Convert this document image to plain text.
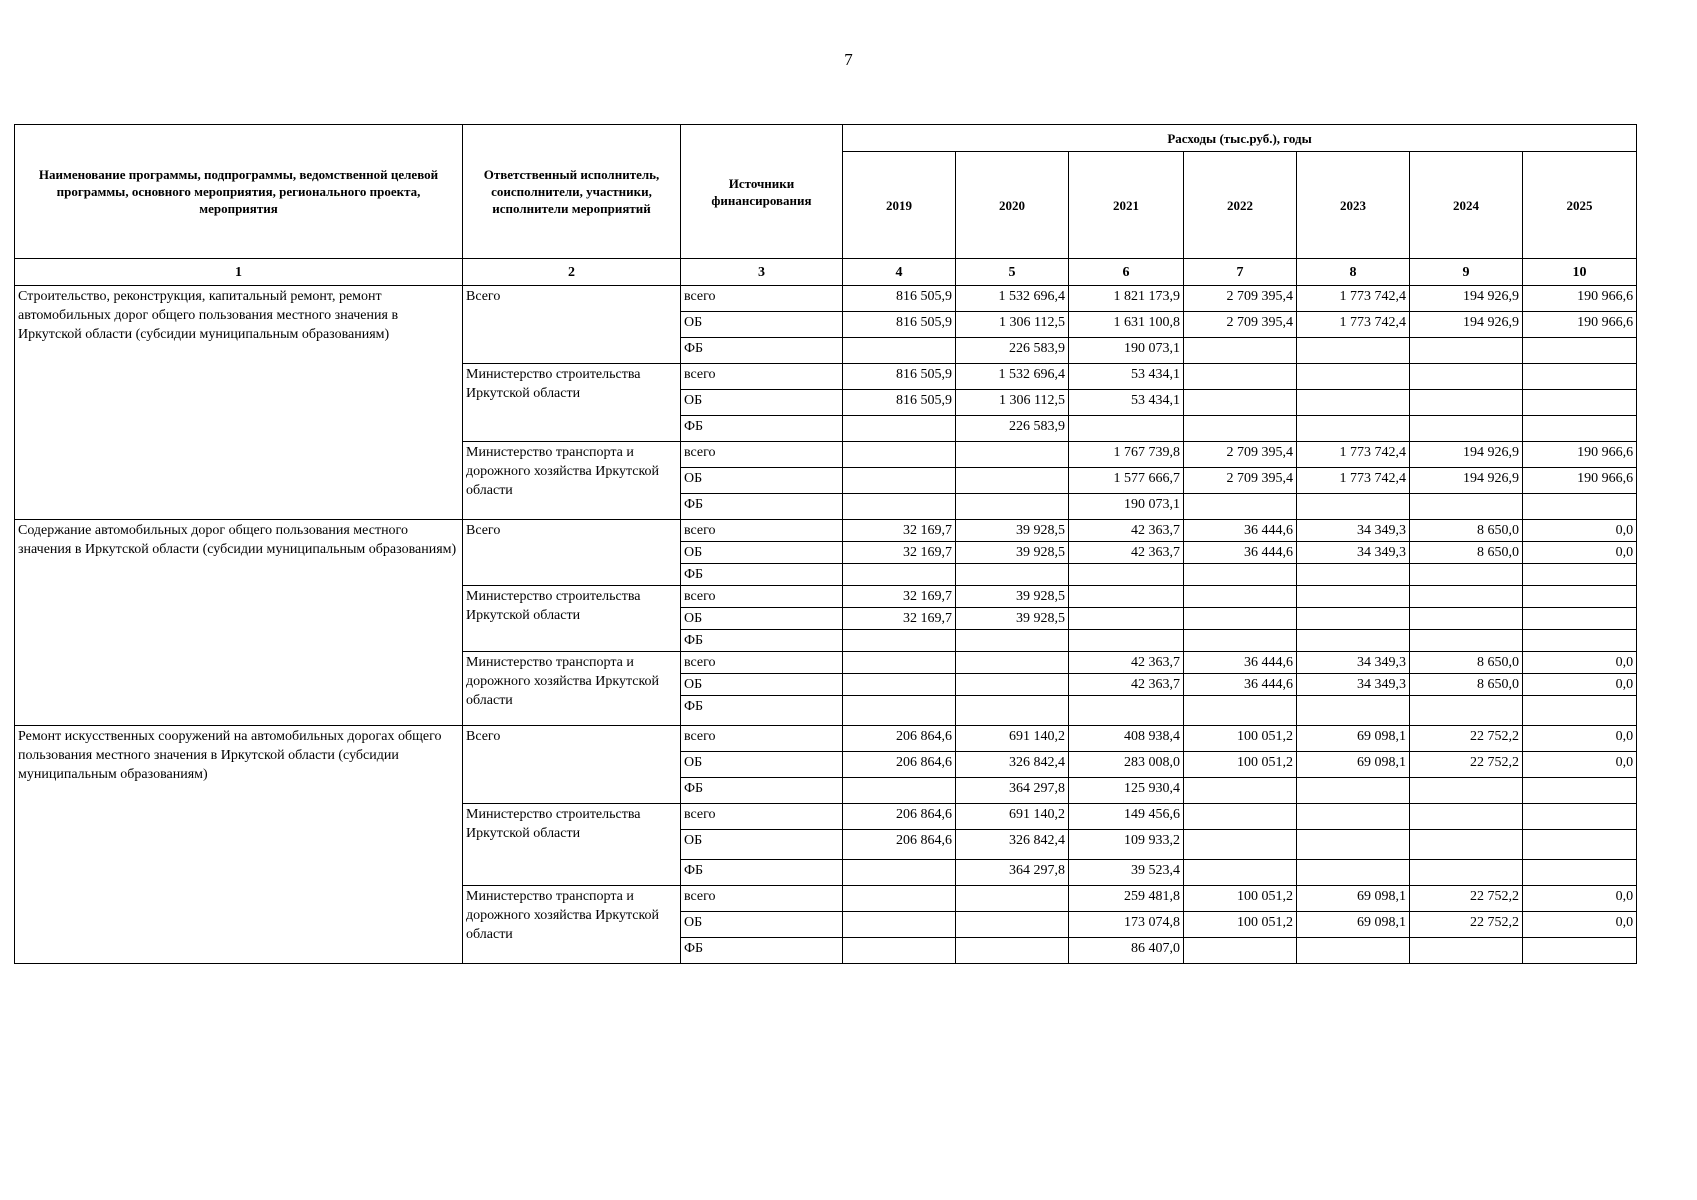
7
Наименование программы, подпрограммы, ведомственной целевой программы, основного мероприятия, регионального проекта, мероприятия	Ответственный исполнитель, соисполнители, участники, исполнители мероприятий	Источники финансирования	Расходы (тыс.руб.), годы						
			2019	2020	2021	2022	2023	2024	2025
1	2	3	4	5	6	7	8	9	10
Строительство, реконструкция, капитальный ремонт, ремонт автомобильных дорог общего пользования местного значения в Иркутской области (субсидии муниципальным образованиям)	Всего	всего	816 505,9	1 532 696,4	1 821 173,9	2 709 395,4	1 773 742,4	194 926,9	190 966,6
		ОБ	816 505,9	1 306 112,5	1 631 100,8	2 709 395,4	1 773 742,4	194 926,9	190 966,6
		ФБ		226 583,9	190 073,1				
	Министерство строительства Иркутской области	всего	816 505,9	1 532 696,4	53 434,1				
		ОБ	816 505,9	1 306 112,5	53 434,1				
		ФБ		226 583,9					
	Министерство транспорта и дорожного хозяйства Иркутской области	всего			1 767 739,8	2 709 395,4	1 773 742,4	194 926,9	190 966,6
		ОБ			1 577 666,7	2 709 395,4	1 773 742,4	194 926,9	190 966,6
		ФБ			190 073,1				
Содержание автомобильных дорог общего пользования местного значения в Иркутской области (субсидии муниципальным образованиям)	Всего	всего	32 169,7	39 928,5	42 363,7	36 444,6	34 349,3	8 650,0	0,0
		ОБ	32 169,7	39 928,5	42 363,7	36 444,6	34 349,3	8 650,0	0,0
		ФБ							
	Министерство строительства Иркутской области	всего	32 169,7	39 928,5					
		ОБ	32 169,7	39 928,5					
		ФБ							
	Министерство транспорта и дорожного хозяйства Иркутской области	всего			42 363,7	36 444,6	34 349,3	8 650,0	0,0
		ОБ			42 363,7	36 444,6	34 349,3	8 650,0	0,0
		ФБ							
Ремонт искусственных сооружений на автомобильных дорогах общего пользования местного значения в Иркутской области (субсидии муниципальным образованиям)	Всего	всего	206 864,6	691 140,2	408 938,4	100 051,2	69 098,1	22 752,2	0,0
		ОБ	206 864,6	326 842,4	283 008,0	100 051,2	69 098,1	22 752,2	0,0
		ФБ		364 297,8	125 930,4				
	Министерство строительства Иркутской области	всего	206 864,6	691 140,2	149 456,6				
		ОБ	206 864,6	326 842,4	109 933,2				
		ФБ		364 297,8	39 523,4				
	Министерство транспорта и дорожного хозяйства Иркутской области	всего			259 481,8	100 051,2	69 098,1	22 752,2	0,0
		ОБ			173 074,8	100 051,2	69 098,1	22 752,2	0,0
		ФБ			86 407,0				
